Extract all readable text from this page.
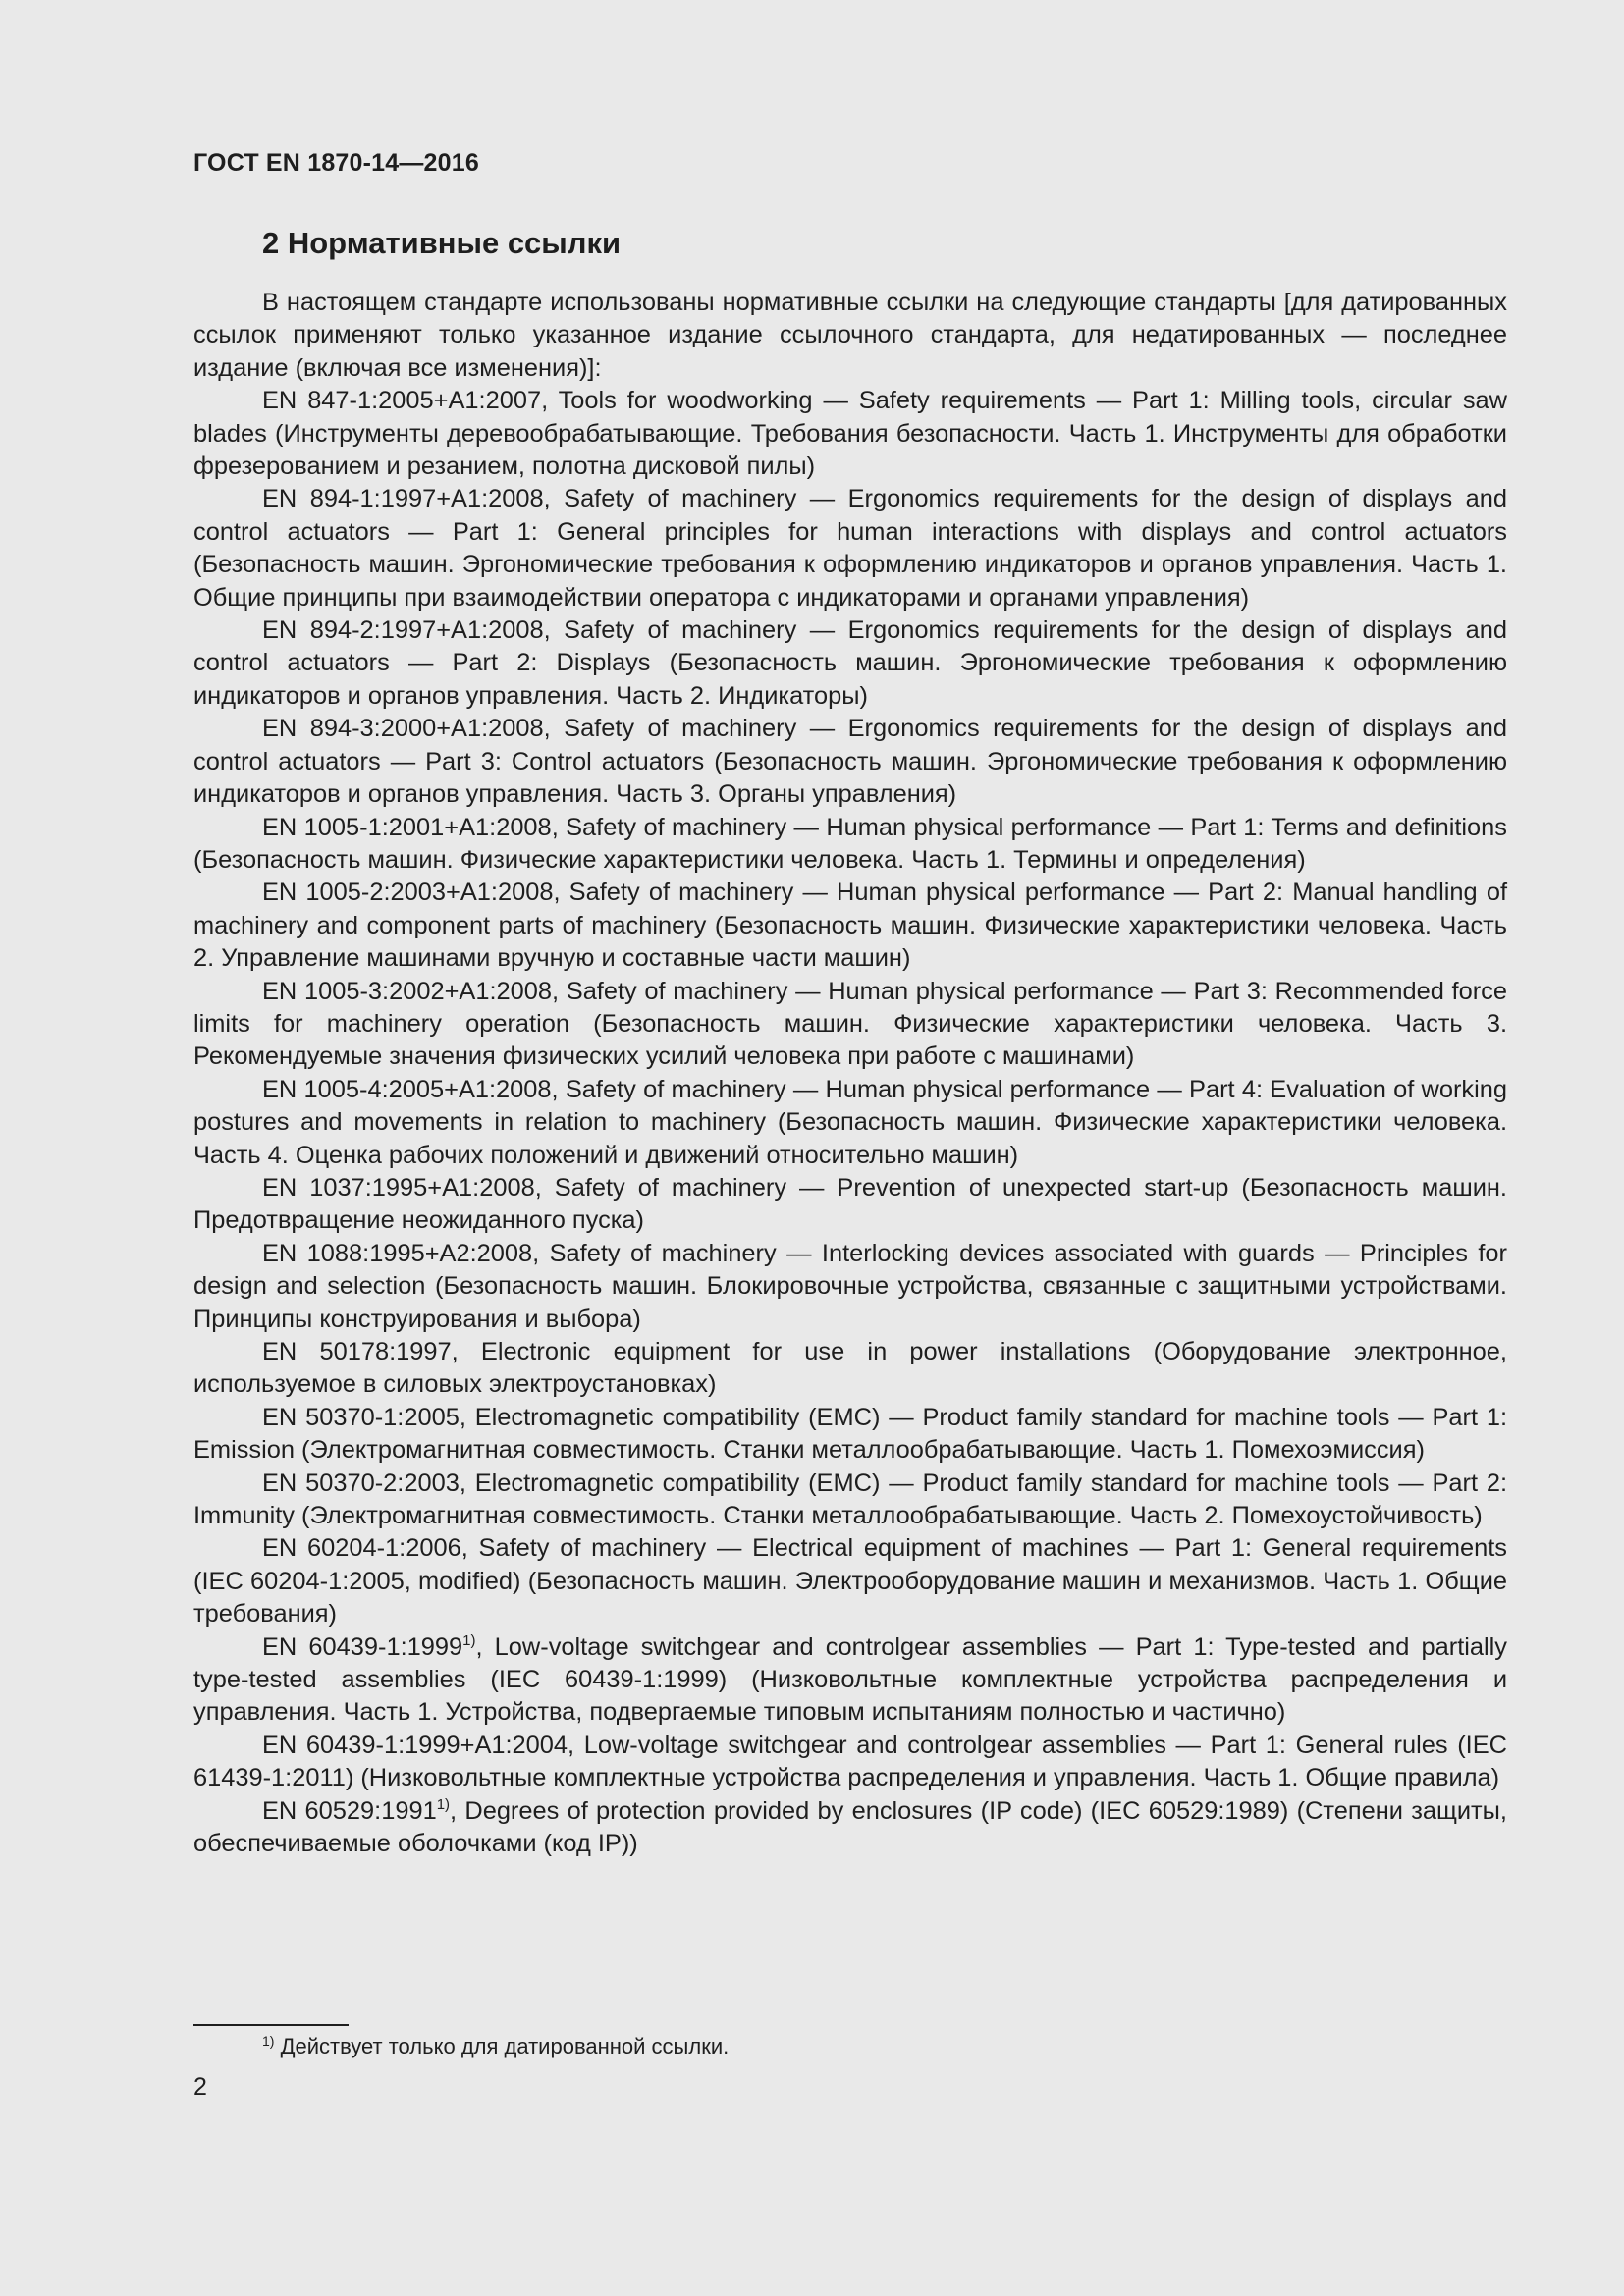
ГОСТ EN 1870-14—2016
2 Нормативные ссылки

В настоящем стандарте использованы нормативные ссылки на следующие стандарты [для датированных ссылок применяют только указанное издание ссылочного стандарта, для недатированных — последнее издание (включая все изменения)]:

EN 847-1:2005+A1:2007, Tools for woodworking — Safety requirements — Part 1: Milling tools, circular saw blades (Инструменты деревообрабатывающие. Требования безопасности. Часть 1. Инструменты для обработки фрезерованием и резанием, полотна дисковой пилы)

EN 894-1:1997+A1:2008, Safety of machinery — Ergonomics requirements for the design of displays and control actuators — Part 1: General principles for human interactions with displays and control actuators (Безопасность машин. Эргономические требования к оформлению индикаторов и органов управления. Часть 1. Общие принципы при взаимодействии оператора с индикаторами и органами управления)

EN 894-2:1997+A1:2008, Safety of machinery — Ergonomics requirements for the design of displays and control actuators — Part 2: Displays (Безопасность машин. Эргономические требования к оформлению индикаторов и органов управления. Часть 2. Индикаторы)

EN 894-3:2000+A1:2008, Safety of machinery — Ergonomics requirements for the design of displays and control actuators — Part 3: Control actuators (Безопасность машин. Эргономические требования к оформлению индикаторов и органов управления. Часть 3. Органы управления)

EN 1005-1:2001+A1:2008, Safety of machinery — Human physical performance — Part 1: Terms and definitions (Безопасность машин. Физические характеристики человека. Часть 1. Термины и определения)

EN 1005-2:2003+A1:2008, Safety of machinery — Human physical performance — Part 2: Manual handling of machinery and component parts of machinery (Безопасность машин. Физические характеристики человека. Часть 2. Управление машинами вручную и составные части машин)

EN 1005-3:2002+A1:2008, Safety of machinery — Human physical performance — Part 3: Recommended force limits for machinery operation (Безопасность машин. Физические характеристики человека. Часть 3. Рекомендуемые значения физических усилий человека при работе с машинами)

EN 1005-4:2005+A1:2008, Safety of machinery — Human physical performance — Part 4: Evaluation of working postures and movements in relation to machinery (Безопасность машин. Физические характеристики человека. Часть 4. Оценка рабочих положений и движений относительно машин)

EN 1037:1995+A1:2008, Safety of machinery — Prevention of unexpected start-up (Безопасность машин. Предотвращение неожиданного пуска)

EN 1088:1995+A2:2008, Safety of machinery — Interlocking devices associated with guards — Principles for design and selection (Безопасность машин. Блокировочные устройства, связанные с защитными устройствами. Принципы конструирования и выбора)

EN 50178:1997, Electronic equipment for use in power installations (Оборудование электронное, используемое в силовых электроустановках)

EN 50370-1:2005, Electromagnetic compatibility (EMC) — Product family standard for machine tools — Part 1: Emission (Электромагнитная совместимость. Станки металлообрабатывающие. Часть 1. Помехоэмиссия)

EN 50370-2:2003, Electromagnetic compatibility (EMC) — Product family standard for machine tools — Part 2: Immunity (Электромагнитная совместимость. Станки металлообрабатывающие. Часть 2. Помехоустойчивость)

EN 60204-1:2006, Safety of machinery — Electrical equipment of machines — Part 1: General requirements (IEC 60204-1:2005, modified) (Безопасность машин. Электрооборудование машин и механизмов. Часть 1. Общие требования)

EN 60439-1:1999$^{1)}$, Low-voltage switchgear and controlgear assemblies — Part 1: Type-tested and partially type-tested assemblies (IEC 60439-1:1999) (Низковольтные комплектные устройства распределения и управления. Часть 1. Устройства, подвергаемые типовым испытаниям полностью и частично)

EN 60439-1:1999+A1:2004, Low-voltage switchgear and controlgear assemblies — Part 1: General rules (IEC 61439-1:2011) (Низковольтные комплектные устройства распределения и управления. Часть 1. Общие правила)

EN 60529:1991$^{1)}$, Degrees of protection provided by enclosures (IP code) (IEC 60529:1989) (Степени защиты, обеспечиваемые оболочками (код IP))

$^{1)}$ Действует только для датированной ссылки.
2
